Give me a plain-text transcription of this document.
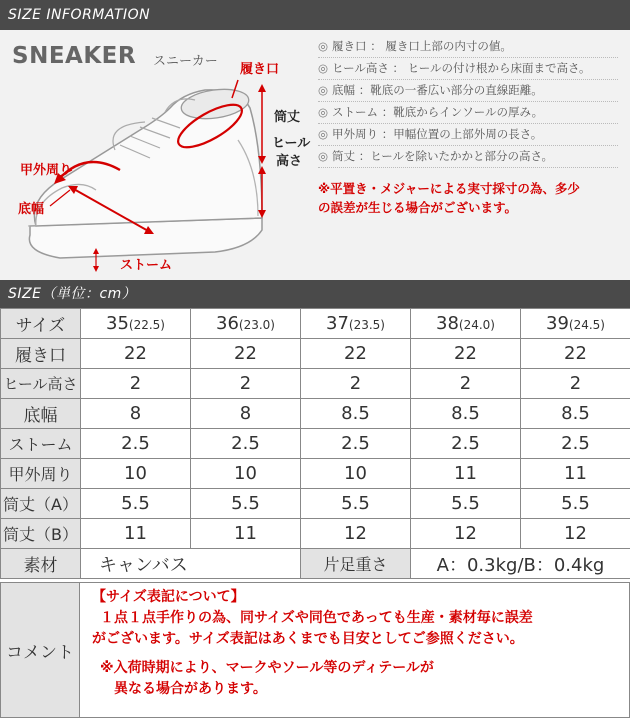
SIZE INFORMATION
SNEAKER スニーカー
履き口
筒丈
ヒール
高さ
甲外周り
底幅
ストーム
◎ 履き口 ： 履き口上部の内寸の値。
◎ ヒール高さ ： ヒールの付け根から床面まで高さ。
◎ 底幅 ：靴底の一番広い部分の直線距離。
◎ ストーム ：靴底からインソールの厚み。
◎ 甲外周り ：甲幅位置の上部外周の長さ。
◎ 筒丈 ：ヒールを除いたかかと部分の高さ。
※平置き・メジャーによる実寸採寸の為、多少
の誤差が生じる場合がございます。
SIZE（単位：cm）
サイズ	35(22.5)	36(23.0)	37(23.5)	38(24.0)	39(24.5)
履き口	22	22	22	22	22
ヒール高さ	2	2	2	2	2
底幅	8	8	8.5	8.5	8.5
ストーム	2.5	2.5	2.5	2.5	2.5
甲外周り	10	10	10	11	11
筒丈（A）	5.5	5.5	5.5	5.5	5.5
筒丈（B）	11	11	12	12	12
素材	キャンバス		片足重さ	A：0.3kg/B：0.4kg	
コメント
【サイズ表記について】
１点１点手作りの為、同サイズや同色であっても生産・素材毎に誤差
がございます。サイズ表記はあくまでも目安としてご参照ください。
※入荷時期により、マークやソール等のディテールが
異なる場合があります。
